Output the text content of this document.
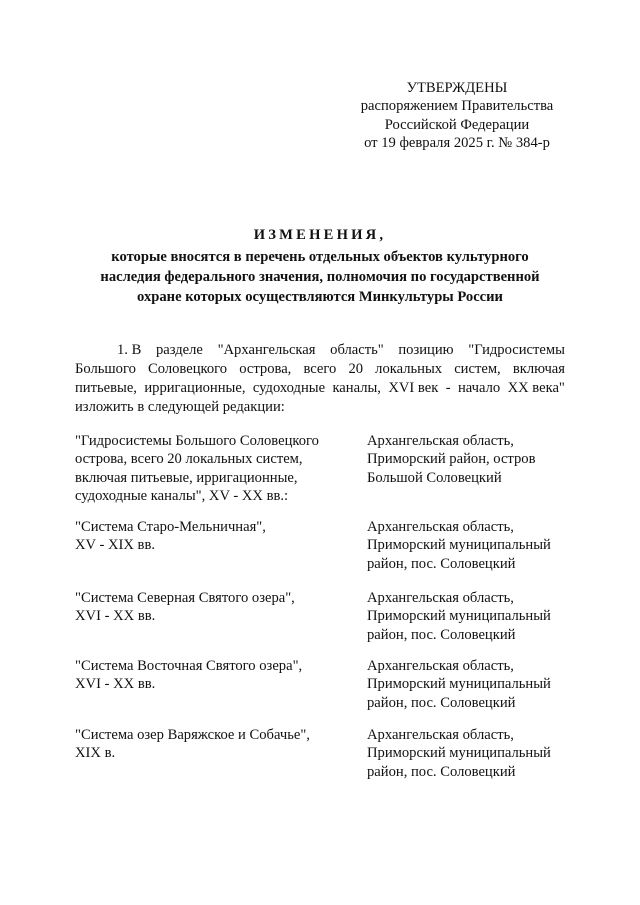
УТВЕРЖДЕНЫ
распоряжением Правительства
Российской Федерации
от 19 февраля 2025 г. № 384-р
ИЗМЕНЕНИЯ,
которые вносятся в перечень отдельных объектов культурного
наследия федерального значения, полномочия по государственной
охране которых осуществляются Минкультуры России
1. В разделе "Архангельская область" позицию "Гидросистемы
Большого Соловецкого острова, всего 20 локальных систем, включая
питьевые, ирригационные, судоходные каналы, XVI век - начало XX века"
изложить в следующей редакции:
"Гидросистемы Большого Соловецкого
острова, всего 20 локальных систем,
включая питьевые, ирригационные,
судоходные каналы", XV - XX вв.:
Архангельская область,
Приморский район, остров
Большой Соловецкий
"Система Старо-Мельничная",
XV - XIX вв.
Архангельская область,
Приморский муниципальный
район, пос. Соловецкий
"Система Северная Святого озера",
XVI - XX вв.
Архангельская область,
Приморский муниципальный
район, пос. Соловецкий
"Система Восточная Святого озера",
XVI - XX вв.
Архангельская область,
Приморский муниципальный
район, пос. Соловецкий
"Система озер Варяжское и Собачье",
XIX в.
Архангельская область,
Приморский муниципальный
район, пос. Соловецкий
